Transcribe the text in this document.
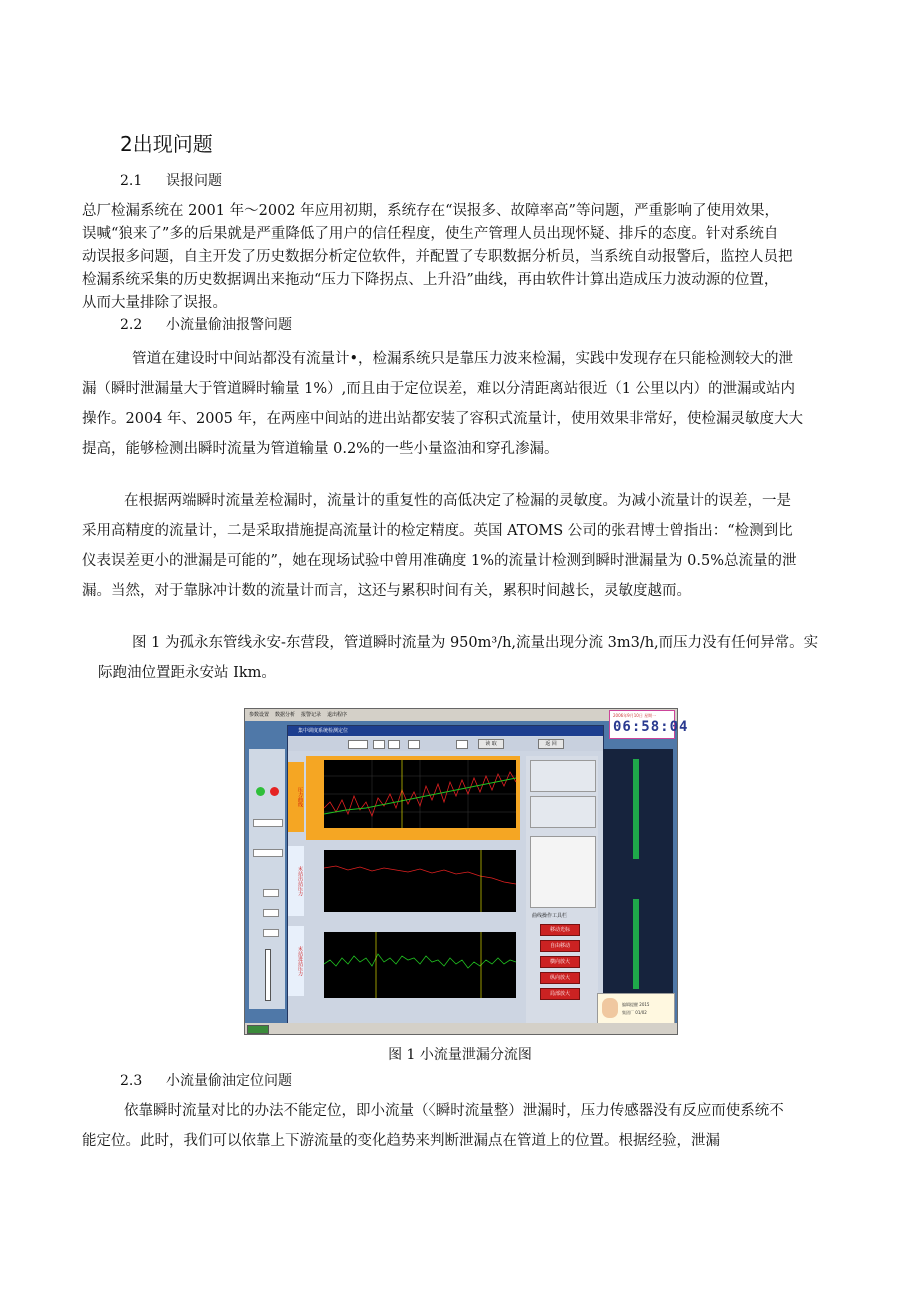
2出现问题
2.1 误报问题
总厂检漏系统在 2001 年～2002 年应用初期，系统存在“误报多、故障率高”等问题，严重影响了使用效果，
误喊“狼来了”多的后果就是严重降低了用户的信任程度，使生产管理人员出现怀疑、排斥的态度。针对系统自
动误报多问题，自主开发了历史数据分析定位软件，并配置了专职数据分析员，当系统自动报警后，监控人员把
检漏系统采集的历史数据调出来拖动“压力下降拐点、上升沿”曲线，再由软件计算出造成压力波动源的位置，
从而大量排除了误报。
2.2 小流量偷油报警问题
管道在建设时中间站都没有流量计•，检漏系统只是靠压力波来检漏，实践中发现存在只能检测较大的泄
漏（瞬时泄漏量大于管道瞬时输量 1%）,而且由于定位误差，难以分清距离站很近（1 公里以内）的泄漏或站内
操作。2004 年、2005 年，在两座中间站的进出站都安装了容积式流量计，使用效果非常好，使检漏灵敏度大大
提高，能够检测出瞬时流量为管道输量 0.2%的一些小量盗油和穿孔渗漏。
在根据两端瞬时流量差检漏时，流量计的重复性的高低决定了检漏的灵敏度。为减小流量计的误差，一是
采用高精度的流量计，二是采取措施提高流量计的检定精度。英国 ATOMS 公司的张君博士曾指出：“检测到比
仪表误差更小的泄漏是可能的”，她在现场试验中曾用准确度 1%的流量计检测到瞬时泄漏量为 0.5%总流量的泄
漏。当然，对于靠脉冲计数的流量计而言，这还与累积时间有关，累积时间越长，灵敏度越而。
图 1 为孤永东管线永安-东营段，管道瞬时流量为 950m³/h,流量出现分流 3m3/h,而压力没有任何异常。实
际跑油位置距永安站 Ikm。
参数设置 数据分析 报警记录 退出程序	2006年9月10日 星期一
06:58:04
集中调度系统检测定位
读 取	返 回
压力曲线
末站出站压力
末站进站压力
曲线操作工具栏
移动光标
自由移动
横向放大
纵向放大
局部放大
编辑提醒 2015
集团厂 01/02
图 1 小流量泄漏分流图
2.3 小流量偷油定位问题
依靠瞬时流量对比的办法不能定位，即小流量（〈瞬时流量整）泄漏时，压力传感器没有反应而使系统不
能定位。此时，我们可以依靠上下游流量的变化趋势来判断泄漏点在管道上的位置。根据经验，泄漏
